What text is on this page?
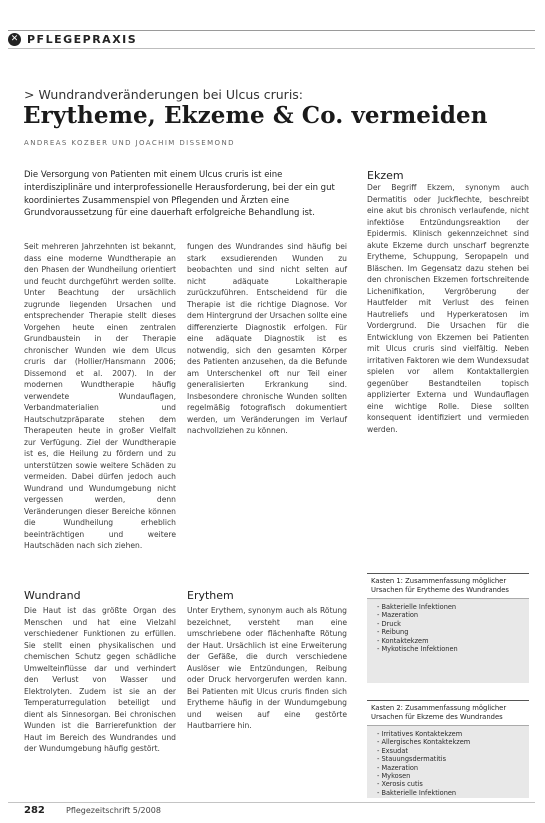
✕ PFLEGEPRAXIS
> Wundrandveränderungen bei Ulcus cruris:
Erytheme, Ekzeme & Co. vermeiden
ANDREAS KOZBER UND JOACHIM DISSEMOND

Die Versorgung von Patienten mit einem Ulcus cruris ist eine interdisziplinäre und interprofessionelle Herausforderung, bei der ein gut koordiniertes Zusammenspiel von Pflegenden und Ärzten eine Grundvoraussetzung für eine dauerhaft erfolgreiche Behandlung ist.

Seit mehreren Jahrzehnten ist bekannt, dass eine moderne Wundtherapie an den Phasen der Wundheilung orientiert und feucht durchgeführt werden sollte. Unter Beachtung der ursächlich zugrunde liegenden Ursachen und entsprechender Therapie stellt dieses Vorgehen heute einen zentralen Grundbaustein in der Therapie chronischer Wunden wie dem Ulcus cruris dar (Hollier/Hansmann 2006; Dissemond et al. 2007). In der modernen Wundtherapie häufig verwendete Wundauflagen, Verbandmaterialien und Hautschutzpräparate stehen dem Therapeuten heute in großer Vielfalt zur Verfügung. Ziel der Wundtherapie ist es, die Heilung zu fördern und zu unterstützen sowie weitere Schäden zu vermeiden. Dabei dürfen jedoch auch Wundrand und Wundumgebung nicht vergessen werden, denn Veränderungen dieser Bereiche können die Wundheilung erheblich beeinträchtigen und weitere Hautschäden nach sich ziehen.

fungen des Wundrandes sind häufig bei stark exsudierenden Wunden zu beobachten und sind nicht selten auf nicht adäquate Lokaltherapie zurückzuführen. Entscheidend für die Therapie ist die richtige Diagnose. Vor dem Hintergrund der Ursachen sollte eine differenzierte Diagnostik erfolgen. Für eine adäquate Diagnostik ist es notwendig, sich den gesamten Körper des Patienten anzusehen, da die Befunde am Unterschenkel oft nur Teil einer generalisierten Erkrankung sind. Insbesondere chronische Wunden sollten regelmäßig fotografisch dokumentiert werden, um Veränderungen im Verlauf nachvollziehen zu können.

Ekzem

Der Begriff Ekzem, synonym auch Dermatitis oder Juckflechte, beschreibt eine akut bis chronisch verlaufende, nicht infektiöse Entzündungsreaktion der Epidermis. Klinisch gekennzeichnet sind akute Ekzeme durch unscharf begrenzte Erytheme, Schuppung, Seropapeln und Bläschen. Im Gegensatz dazu stehen bei den chronischen Ekzemen fortschreitende Lichenifikation, Vergröberung der Hautfelder mit Verlust des feinen Hautreliefs und Hyperkeratosen im Vordergrund. Die Ursachen für die Entwicklung von Ekzemen bei Patienten mit Ulcus cruris sind vielfältig. Neben irritativen Faktoren wie dem Wundexsudat spielen vor allem Kontaktallergien gegenüber Bestandteilen topisch applizierter Externa und Wundauflagen eine wichtige Rolle. Diese sollten konsequent identifiziert und vermieden werden.

Wundrand	Erythem

Die Haut ist das größte Organ des Menschen und hat eine Vielzahl verschiedener Funktionen zu erfüllen. Sie stellt einen physikalischen und chemischen Schutz gegen schädliche Umwelteinflüsse dar und verhindert den Verlust von Wasser und Elektrolyten. Zudem ist sie an der Temperaturregulation beteiligt und dient als Sinnesorgan. Bei chronischen Wunden ist die Barrierefunktion der Haut im Bereich des Wundrandes und der Wundumgebung häufig gestört.

Unter Erythem, synonym auch als Rötung bezeichnet, versteht man eine umschriebene oder flächenhafte Rötung der Haut. Ursächlich ist eine Erweiterung der Gefäße, die durch verschiedene Auslöser wie Entzündungen, Reibung oder Druck hervorgerufen werden kann. Bei Patienten mit Ulcus cruris finden sich Erytheme häufig in der Wundumgebung und weisen auf eine gestörte Hautbarriere hin.

Kasten 1: Zusammenfassung möglicher Ursachen für Erytheme des Wundrandes
- Bakterielle Infektionen
- Mazeration
- Druck
- Reibung
- Kontaktekzem
- Mykotische Infektionen
Kasten 2: Zusammenfassung möglicher Ursachen für Ekzeme des Wundrandes
- Irritatives Kontaktekzem
- Allergisches Kontaktekzem
- Exsudat
- Stauungsdermatitis
- Mazeration
- Mykosen
- Xerosis cutis
- Bakterielle Infektionen
282	Pflegezeitschrift 5/2008
